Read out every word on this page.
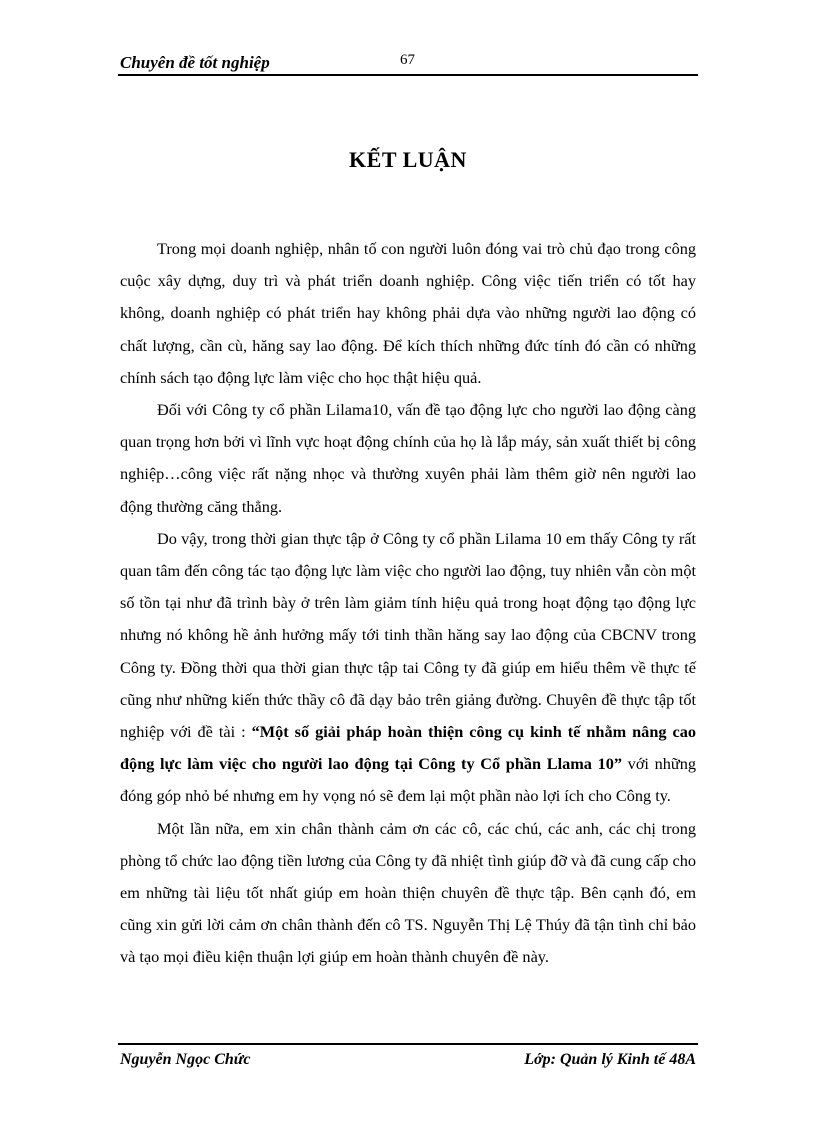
Chuyên đề tốt nghiệp	67
KẾT LUẬN

Trong mọi doanh nghiệp, nhân tố con người luôn đóng vai trò chủ đạo trong công cuộc xây dựng, duy trì và phát triển doanh nghiệp. Công việc tiến triển có tốt hay không, doanh nghiệp có phát triển hay không phải dựa vào những người lao động có chất lượng, cần cù, hăng say lao động. Để kích thích những đức tính đó cần có những chính sách tạo động lực làm việc cho học thật hiệu quả.

Đối với Công ty cổ phần Lilama10, vấn đề tạo động lực cho người lao động càng quan trọng hơn bởi vì lĩnh vực hoạt động chính của họ là lắp máy, sản xuất thiết bị công nghiệp…công việc rất nặng nhọc và thường xuyên phải làm thêm giờ nên người lao động thường căng thẳng.

Do vậy, trong thời gian thực tập ở Công ty cổ phần Lilama 10 em thấy Công ty rất quan tâm đến công tác tạo động lực làm việc cho người lao động, tuy nhiên vẫn còn một số tồn tại như đã trình bày ở trên làm giảm tính hiệu quả trong hoạt động tạo động lực nhưng nó không hề ảnh hưởng mấy tới tinh thần hăng say lao động của CBCNV trong Công ty. Đồng thời qua thời gian thực tập tai Công ty đã giúp em hiểu thêm về thực tế cũng như những kiến thức thầy cô đã dạy bảo trên giảng đường. Chuyên đề thực tập tốt nghiệp với đề tài : “Một số giải pháp hoàn thiện công cụ kinh tế nhằm nâng cao động lực làm việc cho người lao động tại Công ty Cổ phần Llama 10” với những đóng góp nhỏ bé nhưng em hy vọng nó sẽ đem lại một phần nào lợi ích cho Công ty.

Một lần nữa, em xin chân thành cảm ơn các cô, các chú, các anh, các chị trong phòng tổ chức lao động tiền lương của Công ty đã nhiệt tình giúp đỡ và đã cung cấp cho em những tài liệu tốt nhất giúp em hoàn thiện chuyên đề thực tập. Bên cạnh đó, em cũng xin gửi lời cảm ơn chân thành đến cô TS. Nguyễn Thị Lệ Thúy đã tận tình chỉ bảo và tạo mọi điều kiện thuận lợi giúp em hoàn thành chuyên đề này.

Nguyễn Ngọc Chức	Lớp: Quản lý Kinh tế 48A
